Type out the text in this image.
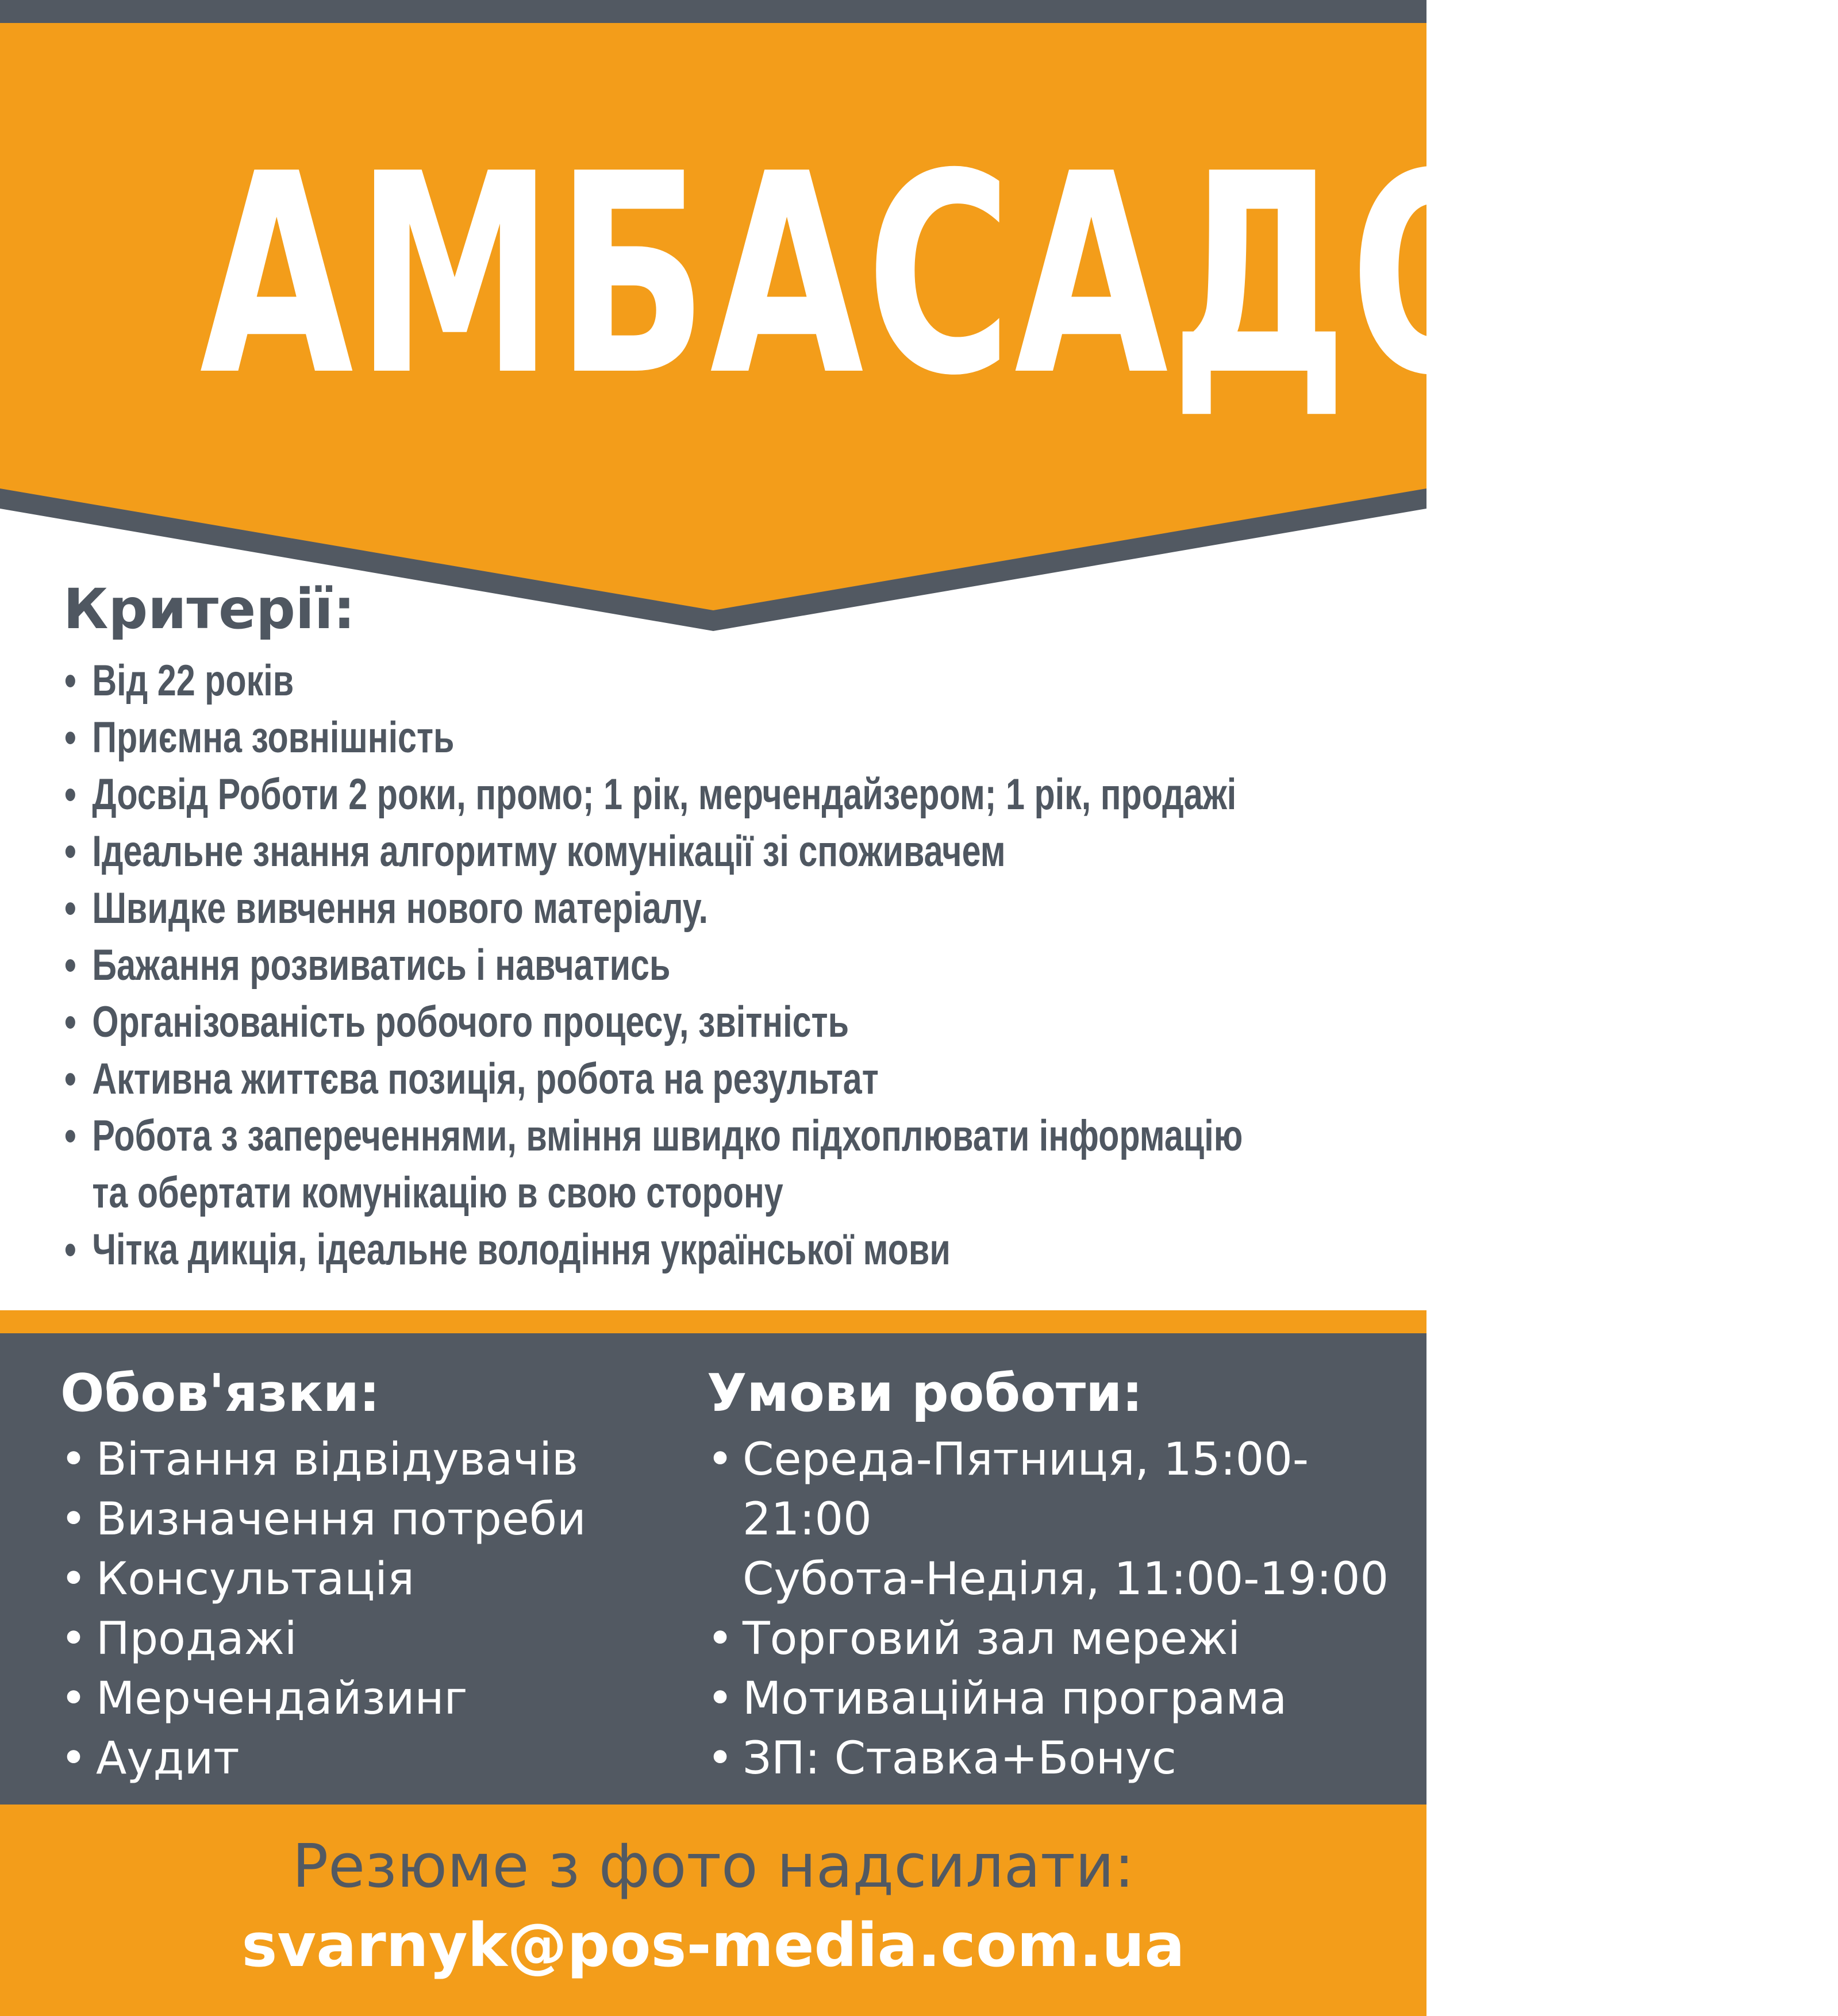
АМБАСАДОРИ
Критерії:
• Від 22 років
• Приємна зовнішність
• Досвід Роботи 2 роки, промо; 1 рік, мерчендайзером; 1 рік, продажі
• Ідеальне знання алгоритму комунікації зі споживачем
• Швидке вивчення нового матеріалу.
• Бажання розвиватись і навчатись
• Організованість робочого процесу, звітність
• Активна життєва позиція, робота на результат
• Робота з запереченнями, вміння швидко підхоплювати інформацію
та обертати комунікацію в свою сторону
• Чітка дикція, ідеальне володіння української мови
Обов'язки:
• Вітання відвідувачів
• Визначення потреби
• Консультація
• Продажі
• Мерчендайзинг
• Аудит
Умови роботи:
• Середа-Пятниця, 15:00-21:00
Субота-Неділя, 11:00-19:00
• Торговий зал мережі
• Мотиваційна програма
• ЗП: Ставка+Бонус
Резюме з фото надсилати:
svarnyk@pos-media.com.ua
